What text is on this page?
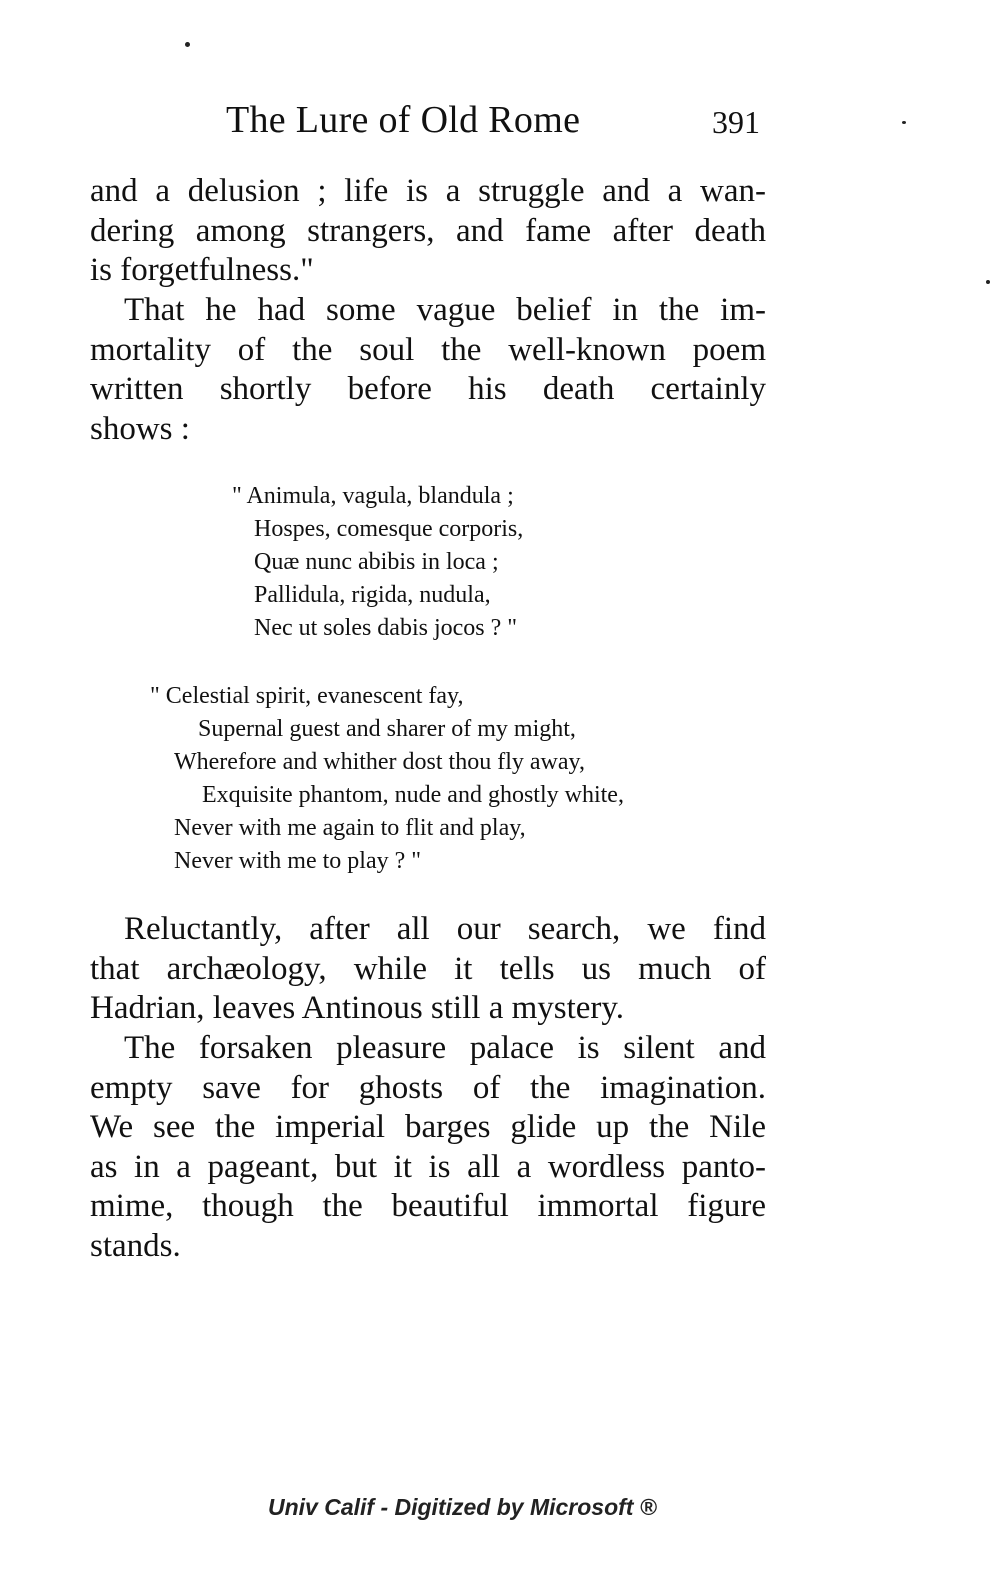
The Lure of Old Rome	391
and a delusion ; life is a struggle and a wan-
dering among strangers, and fame after death
is forgetfulness."
That he had some vague belief in the im-
mortality of the soul the well-known poem
written shortly before his death certainly
shows :
" Animula, vagula, blandula ;
Hospes, comesque corporis,
Quæ nunc abibis in loca ;
Pallidula, rigida, nudula,
Nec ut soles dabis jocos ? "
" Celestial spirit, evanescent fay,
Supernal guest and sharer of my might,
Wherefore and whither dost thou fly away,
Exquisite phantom, nude and ghostly white,
Never with me again to flit and play,
Never with me to play ? "
Reluctantly, after all our search, we find
that archæology, while it tells us much of
Hadrian, leaves Antinous still a mystery.
The forsaken pleasure palace is silent and
empty save for ghosts of the imagination.
We see the imperial barges glide up the Nile
as in a pageant, but it is all a wordless panto-
mime, though the beautiful immortal figure
stands.
Univ Calif - Digitized by Microsoft ®
